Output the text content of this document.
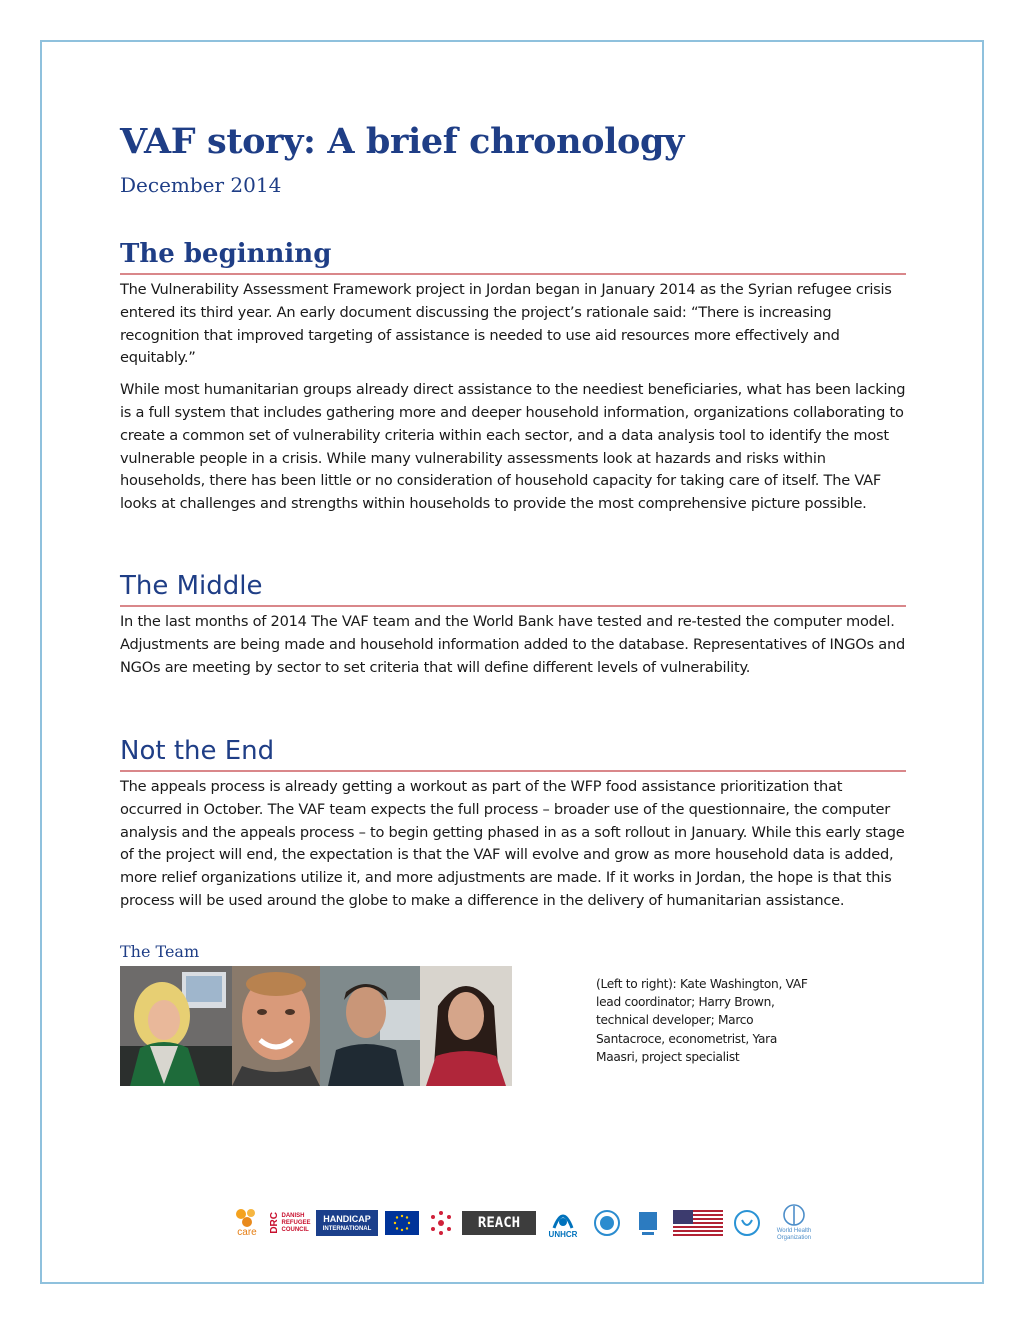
VAF story: A brief chronology
December 2014
The beginning

The Vulnerability Assessment Framework project in Jordan began in January 2014 as the Syrian refugee crisis entered its third year. An early document discussing the project’s rationale said: “There is increasing recognition that improved targeting of assistance is needed to use aid resources more effectively and equitably.”

While most humanitarian groups already direct assistance to the neediest beneficiaries, what has been lacking is a full system that includes gathering more and deeper household information, organizations collaborating to create a common set of vulnerability criteria within each sector, and a data analysis tool to identify the most vulnerable people in a crisis. While many vulnerability assessments look at hazards and risks within households, there has been little or no consideration of household capacity for taking care of itself. The VAF looks at challenges and strengths within households to provide the most comprehensive picture possible.

The Middle

In the last months of 2014 The VAF team and the World Bank have tested and re-tested the computer model. Adjustments are being made and household information added to the database. Representatives of INGOs and NGOs are meeting by sector to set criteria that will define different levels of vulnerability.

Not the End

The appeals process is already getting a workout as part of the WFP food assistance prioritization that occurred in October. The VAF team expects the full process – broader use of the questionnaire, the computer analysis and the appeals process – to begin getting phased in as a soft rollout in January. While this early stage of the project will end, the expectation is that the VAF will evolve and grow as more household data is added, more relief organizations utilize it, and more adjustments are made. If it works in Jordan, the hope is that this process will be used around the globe to make a difference in the delivery of humanitarian assistance.

The Team
(Left to right): Kate Washington, VAF lead coordinator; Harry Brown, technical developer; Marco Santacroce, econometrist, Yara Maasri, project specialist
care DRC DANISH REFUGEE COUNCIL
HANDICAP
INTERNATIONAL	REACH
UNHCR	World Health
Organization
